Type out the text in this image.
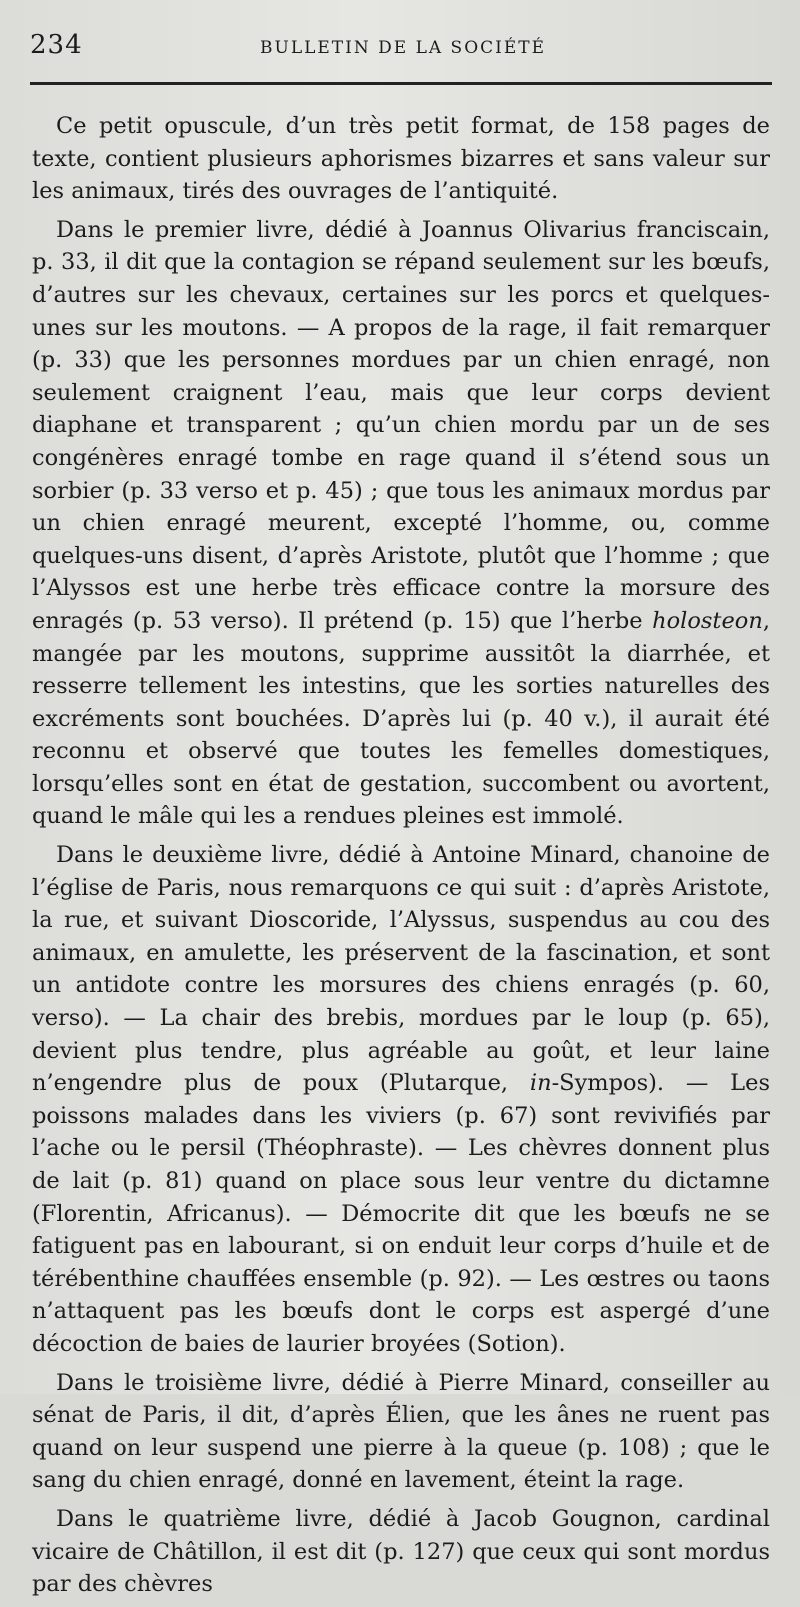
234	BULLETIN DE LA SOCIÉTÉ

Ce petit opuscule, d’un très petit format, de 158 pages de texte, contient plusieurs aphorismes bizarres et sans valeur sur les animaux, tirés des ouvrages de l’antiquité.

Dans le premier livre, dédié à Joannus Olivarius franciscain, p. 33, il dit que la contagion se répand seulement sur les bœufs, d’autres sur les chevaux, certaines sur les porcs et quelques-unes sur les moutons. — A propos de la rage, il fait remarquer (p. 33) que les personnes mordues par un chien enragé, non seulement craignent l’eau, mais que leur corps devient diaphane et transparent ; qu’un chien mordu par un de ses congénères enragé tombe en rage quand il s’étend sous un sorbier (p. 33 verso et p. 45) ; que tous les animaux mordus par un chien enragé meurent, excepté l’homme, ou, comme quelques-uns disent, d’après Aristote, plutôt que l’homme ; que l’Alyssos est une herbe très efficace contre la morsure des enragés (p. 53 verso). Il prétend (p. 15) que l’herbe holosteon, mangée par les moutons, supprime aussitôt la diarrhée, et resserre tellement les intestins, que les sorties naturelles des excréments sont bouchées. D’après lui (p. 40 v.), il aurait été reconnu et observé que toutes les femelles domestiques, lorsqu’elles sont en état de gestation, succombent ou avortent, quand le mâle qui les a rendues pleines est immolé.

Dans le deuxième livre, dédié à Antoine Minard, chanoine de l’église de Paris, nous remarquons ce qui suit : d’après Aristote, la rue, et suivant Dioscoride, l’Alyssus, suspendus au cou des animaux, en amulette, les préservent de la fascination, et sont un antidote contre les morsures des chiens enragés (p. 60, verso). — La chair des brebis, mordues par le loup (p. 65), devient plus tendre, plus agréable au goût, et leur laine n’engendre plus de poux (Plutarque, in-Sympos). — Les poissons malades dans les viviers (p. 67) sont revivifiés par l’ache ou le persil (Théophraste). — Les chèvres donnent plus de lait (p. 81) quand on place sous leur ventre du dictamne (Florentin, Africanus). — Démocrite dit que les bœufs ne se fatiguent pas en labourant, si on enduit leur corps d’huile et de térébenthine chauffées ensemble (p. 92). — Les œstres ou taons n’attaquent pas les bœufs dont le corps est aspergé d’une décoction de baies de laurier broyées (Sotion).

Dans le troisième livre, dédié à Pierre Minard, conseiller au sénat de Paris, il dit, d’après Élien, que les ânes ne ruent pas quand on leur suspend une pierre à la queue (p. 108) ; que le sang du chien enragé, donné en lavement, éteint la rage.

Dans le quatrième livre, dédié à Jacob Gougnon, cardinal vicaire de Châtillon, il est dit (p. 127) que ceux qui sont mordus par des chèvres
